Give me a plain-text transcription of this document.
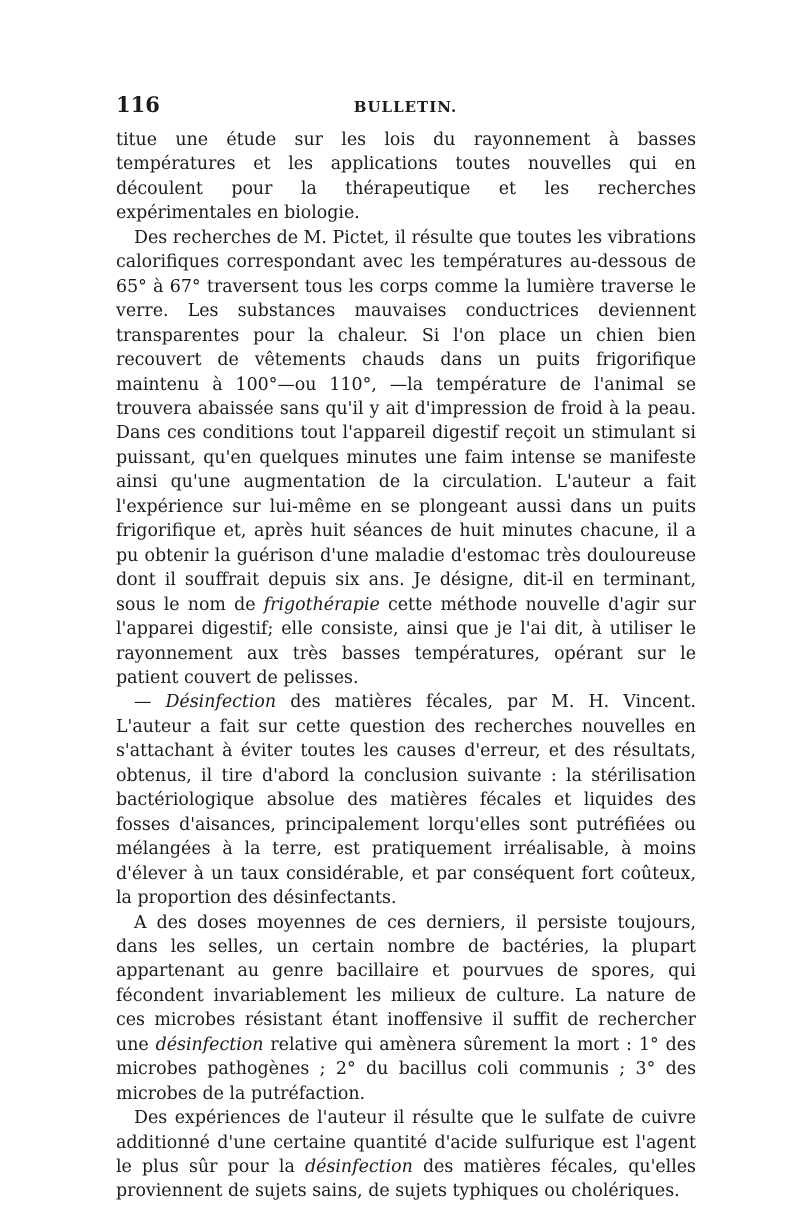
116	BULLETIN.

titue une étude sur les lois du rayonnement à basses températures et les applications toutes nouvelles qui en découlent pour la thérapeutique et les recherches expérimentales en biologie.

Des recherches de M. Pictet, il résulte que toutes les vibrations calorifiques correspondant avec les températures au-dessous de 65° à 67° traversent tous les corps comme la lumière traverse le verre. Les substances mauvaises conductrices deviennent transparentes pour la chaleur. Si l'on place un chien bien recouvert de vêtements chauds dans un puits frigorifique maintenu à 100°—ou 110°, —la température de l'animal se trouvera abaissée sans qu'il y ait d'impression de froid à la peau. Dans ces conditions tout l'appareil digestif reçoit un stimulant si puissant, qu'en quelques minutes une faim intense se manifeste ainsi qu'une augmentation de la circulation. L'auteur a fait l'expérience sur lui-même en se plongeant aussi dans un puits frigorifique et, après huit séances de huit minutes chacune, il a pu obtenir la guérison d'une maladie d'estomac très douloureuse dont il souffrait depuis six ans. Je désigne, dit-il en terminant, sous le nom de frigothérapie cette méthode nouvelle d'agir sur l'apparei digestif; elle consiste, ainsi que je l'ai dit, à utiliser le rayonnement aux très basses températures, opérant sur le patient couvert de pelisses.

— Désinfection des matières fécales, par M. H. Vincent. L'auteur a fait sur cette question des recherches nouvelles en s'attachant à éviter toutes les causes d'erreur, et des résultats, obtenus, il tire d'abord la conclusion suivante : la stérilisation bactériologique absolue des matières fécales et liquides des fosses d'aisances, principalement lorqu'elles sont putréfiées ou mélangées à la terre, est pratiquement irréalisable, à moins d'élever à un taux considérable, et par conséquent fort coûteux, la proportion des désinfectants.

A des doses moyennes de ces derniers, il persiste toujours, dans les selles, un certain nombre de bactéries, la plupart appartenant au genre bacillaire et pourvues de spores, qui fécondent invariablement les milieux de culture. La nature de ces microbes résistant étant inoffensive il suffit de rechercher une désinfection relative qui amènera sûrement la mort : 1° des microbes pathogènes ; 2° du bacillus coli communis ; 3° des microbes de la putréfaction.

Des expériences de l'auteur il résulte que le sulfate de cuivre additionné d'une certaine quantité d'acide sulfurique est l'agent le plus sûr pour la désinfection des matières fécales, qu'elles proviennent de sujets sains, de sujets typhiques ou cholériques.
